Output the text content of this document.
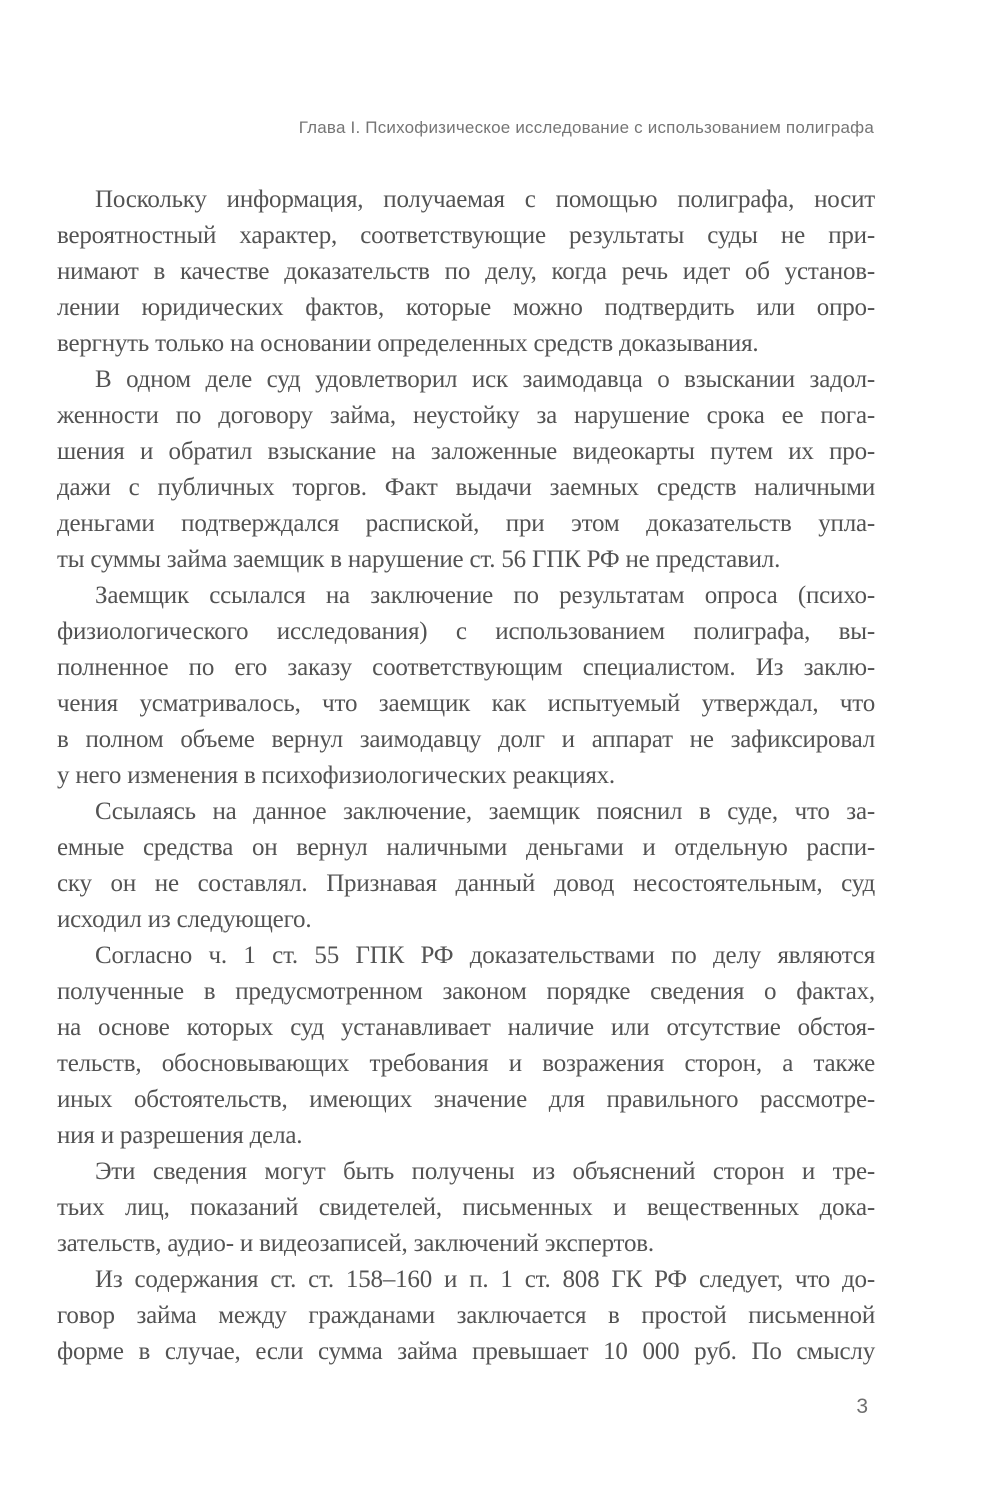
Глава I. Психофизическое исследование с использованием полиграфа

Поскольку информация, получаемая с помощью полиграфа, носит
вероятностный характер, соответствующие результаты суды не при-
нимают в качестве доказательств по делу, когда речь идет об установ-
лении юридических фактов, которые можно подтвердить или опро-
вергнуть только на основании определенных средств доказывания.

В одном деле суд удовлетворил иск заимодавца о взыскании задол-
женности по договору займа, неустойку за нарушение срока ее пога-
шения и обратил взыскание на заложенные видеокарты путем их про-
дажи с публичных торгов. Факт выдачи заемных средств наличными
деньгами подтверждался распиской, при этом доказательств упла-
ты суммы займа заемщик в нарушение ст. 56 ГПК РФ не представил.

Заемщик ссылался на заключение по результатам опроса (психо-
физиологического исследования) с использованием полиграфа, вы-
полненное по его заказу соответствующим специалистом. Из заклю-
чения усматривалось, что заемщик как испытуемый утверждал, что
в полном объеме вернул заимодавцу долг и аппарат не зафиксировал
у него изменения в психофизиологических реакциях.

Ссылаясь на данное заключение, заемщик пояснил в суде, что за-
емные средства он вернул наличными деньгами и отдельную распи-
ску он не составлял. Признавая данный довод несостоятельным, суд
исходил из следующего.

Согласно ч. 1 ст. 55 ГПК РФ доказательствами по делу являются
полученные в предусмотренном законом порядке сведения о фактах,
на основе которых суд устанавливает наличие или отсутствие обстоя-
тельств, обосновывающих требования и возражения сторон, а также
иных обстоятельств, имеющих значение для правильного рассмотре-
ния и разрешения дела.

Эти сведения могут быть получены из объяснений сторон и тре-
тьих лиц, показаний свидетелей, письменных и вещественных дока-
зательств, аудио- и видеозаписей, заключений экспертов.

Из содержания ст. ст. 158–160 и п. 1 ст. 808 ГК РФ следует, что до-
говор займа между гражданами заключается в простой письменной
форме в случае, если сумма займа превышает 10 000 руб. По смыслу

3
